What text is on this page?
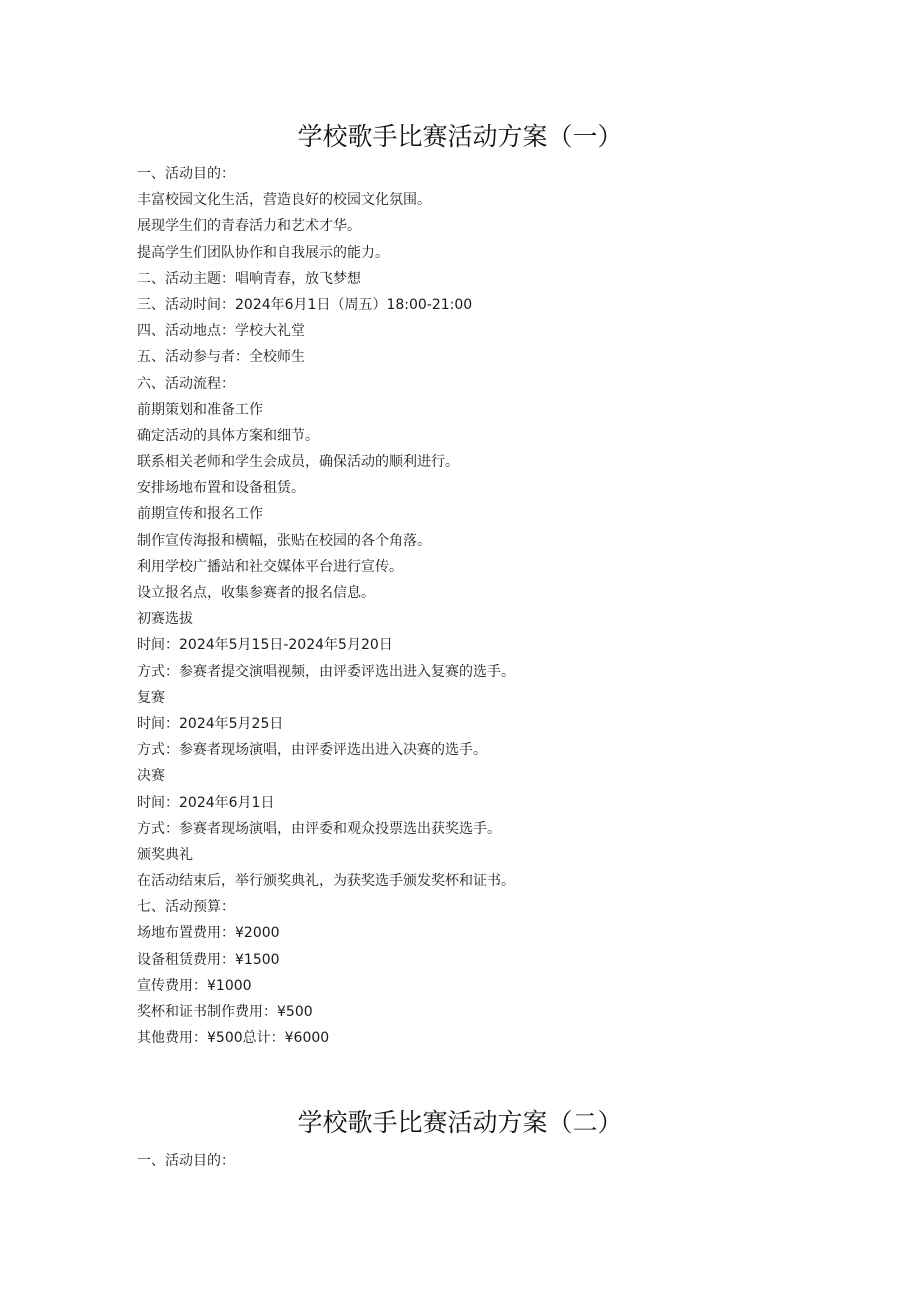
学校歌手比赛活动方案（一）
一、活动目的：
丰富校园文化生活，营造良好的校园文化氛围。
展现学生们的青春活力和艺术才华。
提高学生们团队协作和自我展示的能力。
二、活动主题：唱响青春，放飞梦想
三、活动时间：2024年6月1日（周五）18:00-21:00
四、活动地点：学校大礼堂
五、活动参与者：全校师生
六、活动流程：
前期策划和准备工作
确定活动的具体方案和细节。
联系相关老师和学生会成员，确保活动的顺利进行。
安排场地布置和设备租赁。
前期宣传和报名工作
制作宣传海报和横幅，张贴在校园的各个角落。
利用学校广播站和社交媒体平台进行宣传。
设立报名点，收集参赛者的报名信息。
初赛选拔
时间：2024年5月15日-2024年5月20日
方式：参赛者提交演唱视频，由评委评选出进入复赛的选手。
复赛
时间：2024年5月25日
方式：参赛者现场演唱，由评委评选出进入决赛的选手。
决赛
时间：2024年6月1日
方式：参赛者现场演唱，由评委和观众投票选出获奖选手。
颁奖典礼
在活动结束后，举行颁奖典礼，为获奖选手颁发奖杯和证书。
七、活动预算：
场地布置费用：¥2000
设备租赁费用：¥1500
宣传费用：¥1000
奖杯和证书制作费用：¥500
其他费用：¥500总计：¥6000
学校歌手比赛活动方案（二）
一、活动目的：
